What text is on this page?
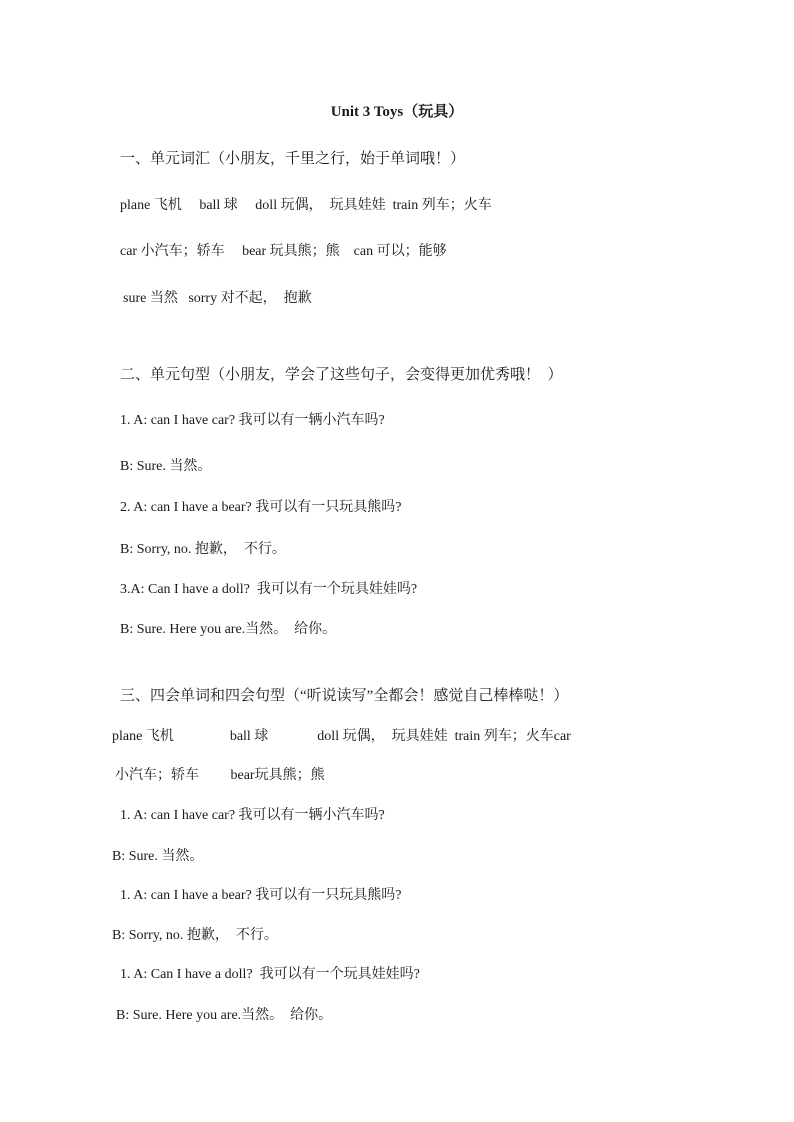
Unit 3 Toys（玩具）
一、单元词汇（小朋友，千里之行，始于单词哦！）
plane 飞机     ball 球     doll 玩偶，  玩具娃娃  train 列车；火车
car 小汽车；轿车     bear 玩具熊；熊    can 可以；能够
sure 当然   sorry 对不起，  抱歉
二、单元句型（小朋友，学会了这些句子，会变得更加优秀哦！  ）
1. A: can I have car? 我可以有一辆小汽车吗?
B: Sure. 当然。
2. A: can I have a bear? 我可以有一只玩具熊吗?
B: Sorry, no. 抱歉，  不行。
3.A: Can I have a doll?  我可以有一个玩具娃娃吗?
B: Sure. Here you are.当然。  给你。
三、四会单词和四会句型（“听说读写”全都会！感觉自己棒棒哒！）
plane 飞机                ball 球              doll 玩偶，  玩具娃娃  train 列车；火车car
小汽车；轿车         bear玩具熊；熊
1. A: can I have car? 我可以有一辆小汽车吗?
B: Sure. 当然。
1. A: can I have a bear? 我可以有一只玩具熊吗?
B: Sorry, no. 抱歉，  不行。
1. A: Can I have a doll?  我可以有一个玩具娃娃吗?
B: Sure. Here you are.当然。  给你。
